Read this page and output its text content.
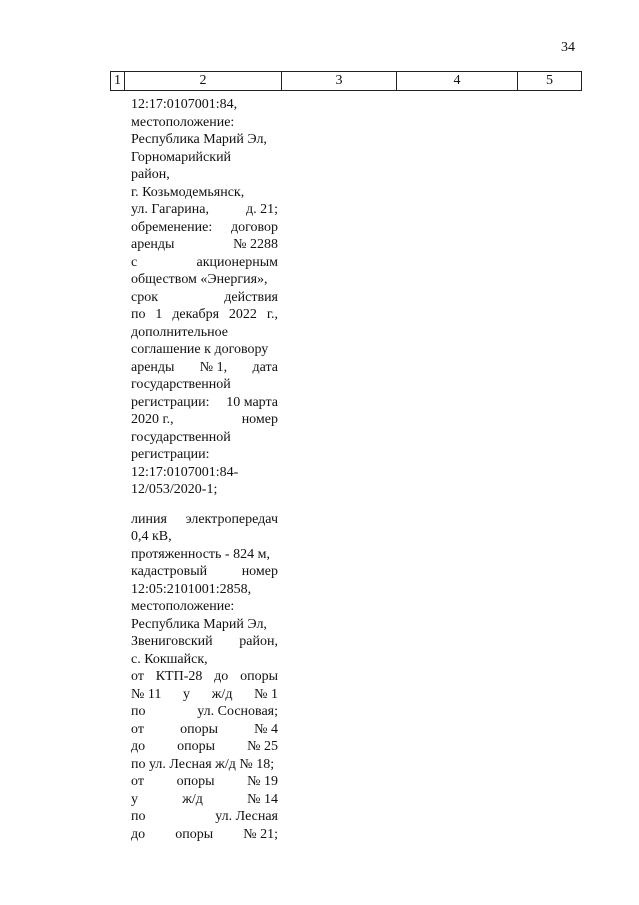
34
1	2	3	4	5
12:17:0107001:84,
местоположение:
Республика Марий Эл,
Горномарийский
район,
г. Козьмодемьянск,
ул. Гагарина,	д. 21;
обременение: договор
аренды	№ 2288
с	акционерным
обществом «Энергия»,
срок	действия
по 1 декабря 2022 г.,
дополнительное
соглашение к договору
аренды № 1, дата
государственной
регистрации: 10 марта
2020 г.,	номер
государственной
регистрации:
12:17:0107001:84-
12/053/2020-1;
линия электропередач
0,4 кВ,
протяженность - 824 м,
кадастровый номер
12:05:2101001:2858,
местоположение:
Республика Марий Эл,
Звениговский район,
с. Кокшайск,
от КТП-28 до опоры
№ 11 у ж/д № 1
по	ул. Сосновая;
от	опоры	№ 4
до опоры № 25
по ул. Лесная ж/д № 18;
от опоры № 19
у	ж/д	№ 14
по	ул. Лесная
до опоры № 21;
